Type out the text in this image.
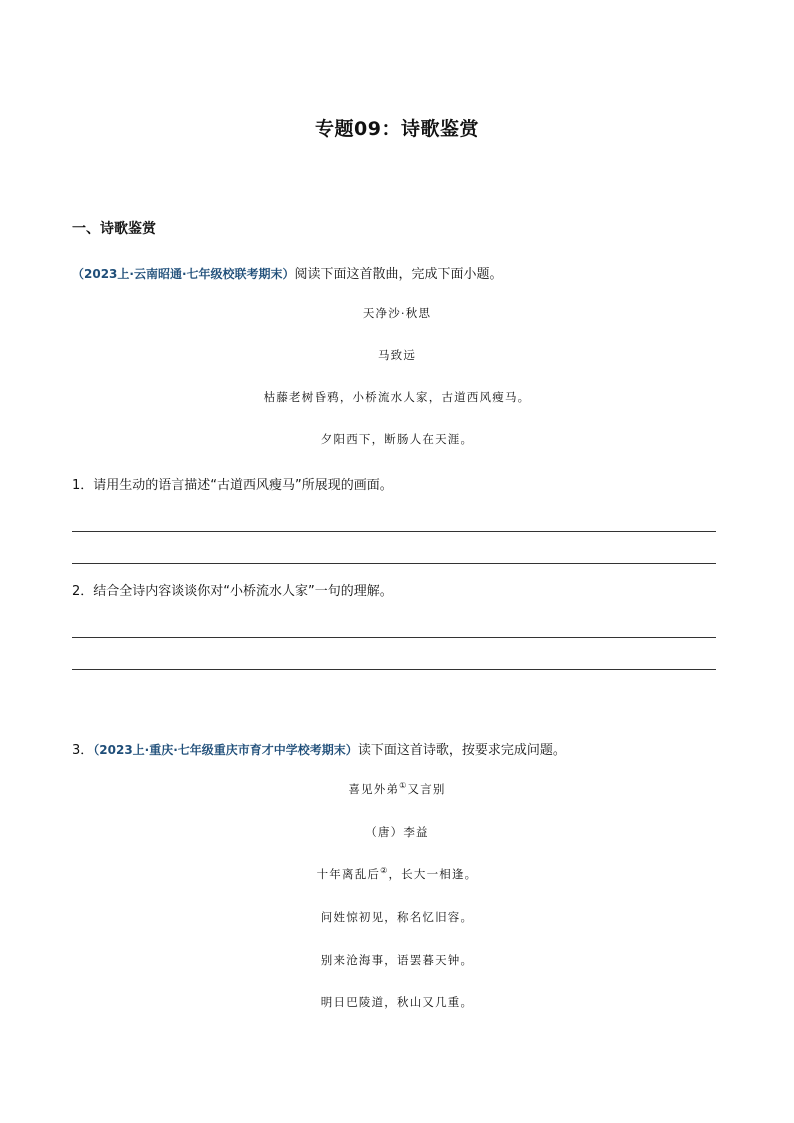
专题09：诗歌鉴赏
一、诗歌鉴赏
（2023上·云南昭通·七年级校联考期末）阅读下面这首散曲，完成下面小题。
天净沙·秋思
马致远
枯藤老树昏鸦，小桥流水人家，古道西风瘦马。
夕阳西下，断肠人在天涯。
1．请用生动的语言描述“古道西风瘦马”所展现的画面。
2．结合全诗内容谈谈你对“小桥流水人家”一句的理解。
3．（2023上·重庆·七年级重庆市育才中学校考期末）读下面这首诗歌，按要求完成问题。
喜见外弟①又言别
（唐）李益
十年离乱后②，长大一相逢。
问姓惊初见，称名忆旧容。
别来沧海事，语罢暮天钟。
明日巴陵道，秋山又几重。
